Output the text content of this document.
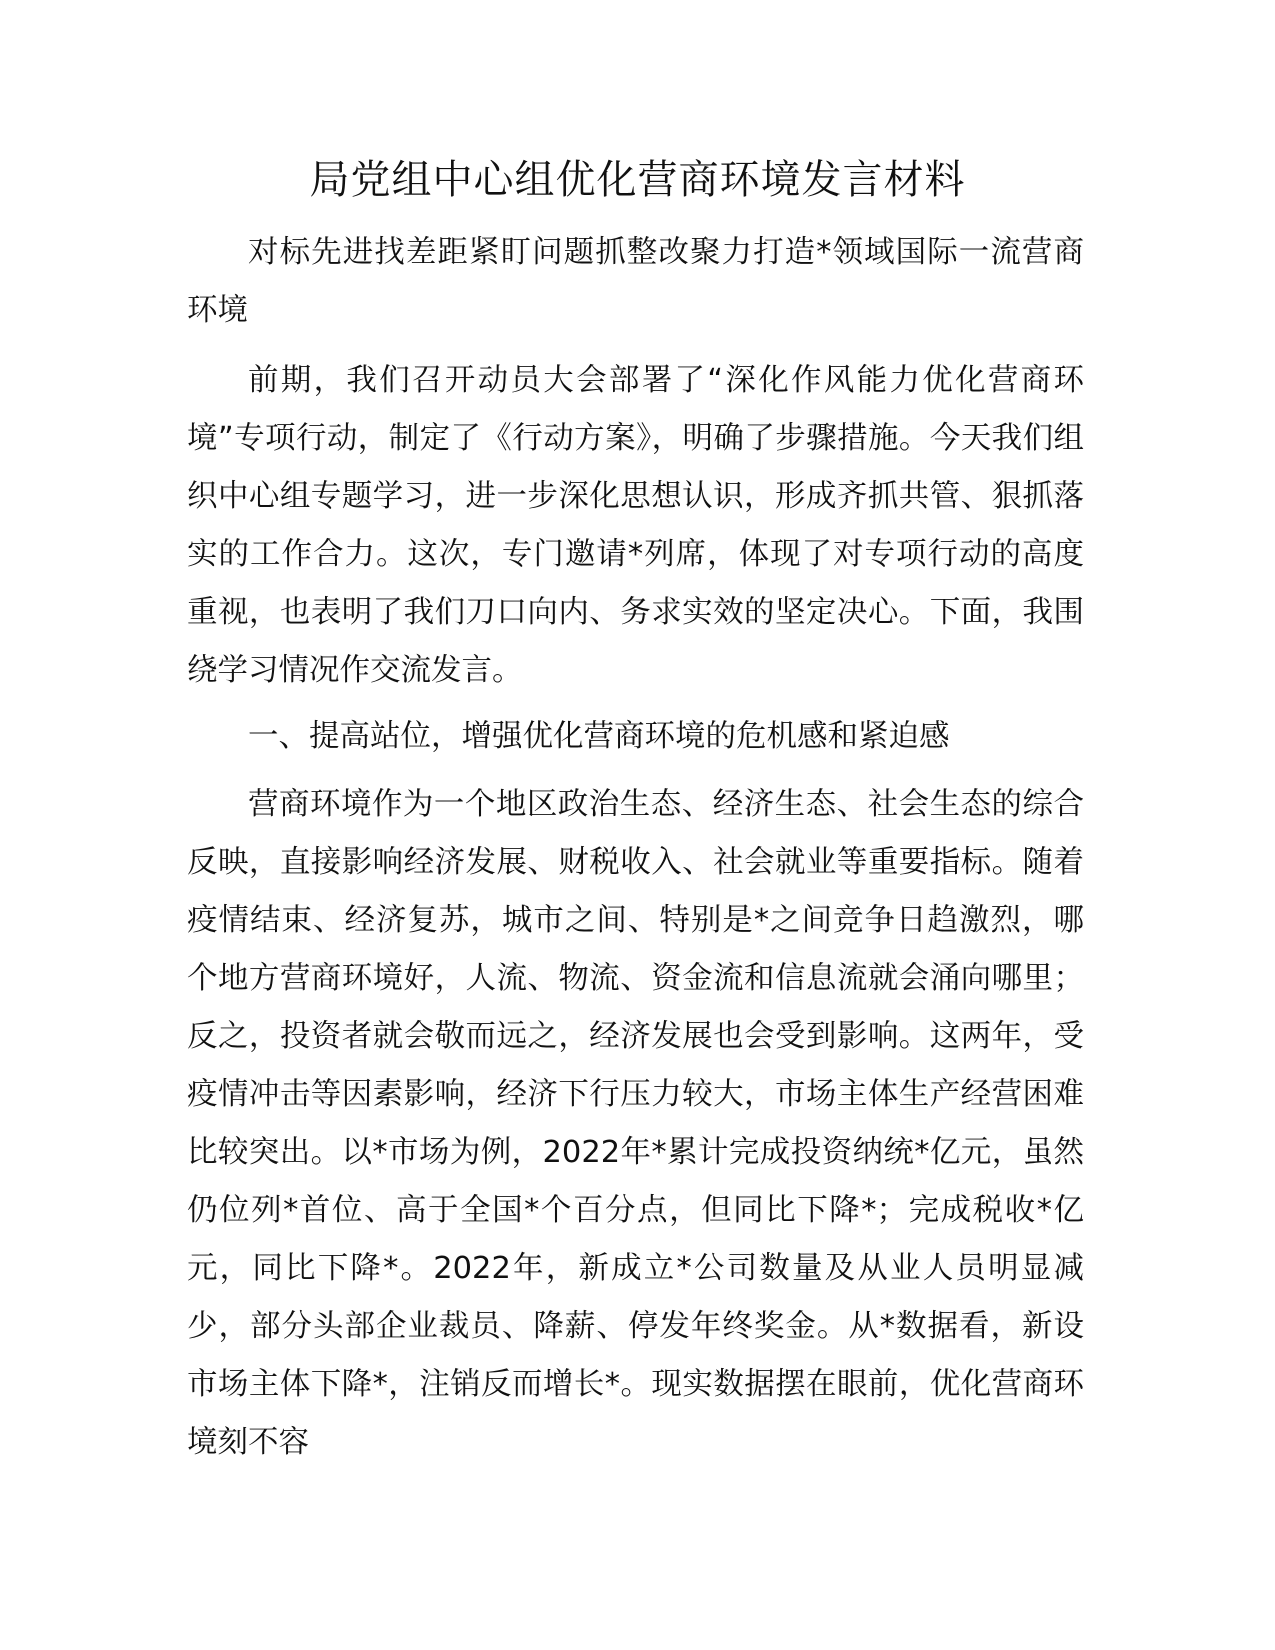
局党组中心组优化营商环境发言材料

对标先进找差距紧盯问题抓整改聚力打造*领域国际一流营商环境

前期，我们召开动员大会部署了“深化作风能力优化营商环境”专项行动，制定了《行动方案》，明确了步骤措施。今天我们组织中心组专题学习，进一步深化思想认识，形成齐抓共管、狠抓落实的工作合力。这次，专门邀请*列席，体现了对专项行动的高度重视，也表明了我们刀口向内、务求实效的坚定决心。下面，我围绕学习情况作交流发言。

一、提高站位，增强优化营商环境的危机感和紧迫感

营商环境作为一个地区政治生态、经济生态、社会生态的综合反映，直接影响经济发展、财税收入、社会就业等重要指标。随着疫情结束、经济复苏，城市之间、特别是*之间竞争日趋激烈，哪个地方营商环境好，人流、物流、资金流和信息流就会涌向哪里；反之，投资者就会敬而远之，经济发展也会受到影响。这两年，受疫情冲击等因素影响，经济下行压力较大，市场主体生产经营困难比较突出。以*市场为例，2022年*累计完成投资纳统*亿元，虽然仍位列*首位、高于全国*个百分点，但同比下降*；完成税收*亿元，同比下降*。2022年，新成立*公司数量及从业人员明显减少，部分头部企业裁员、降薪、停发年终奖金。从*数据看，新设市场主体下降*，注销反而增长*。现实数据摆在眼前，优化营商环境刻不容
